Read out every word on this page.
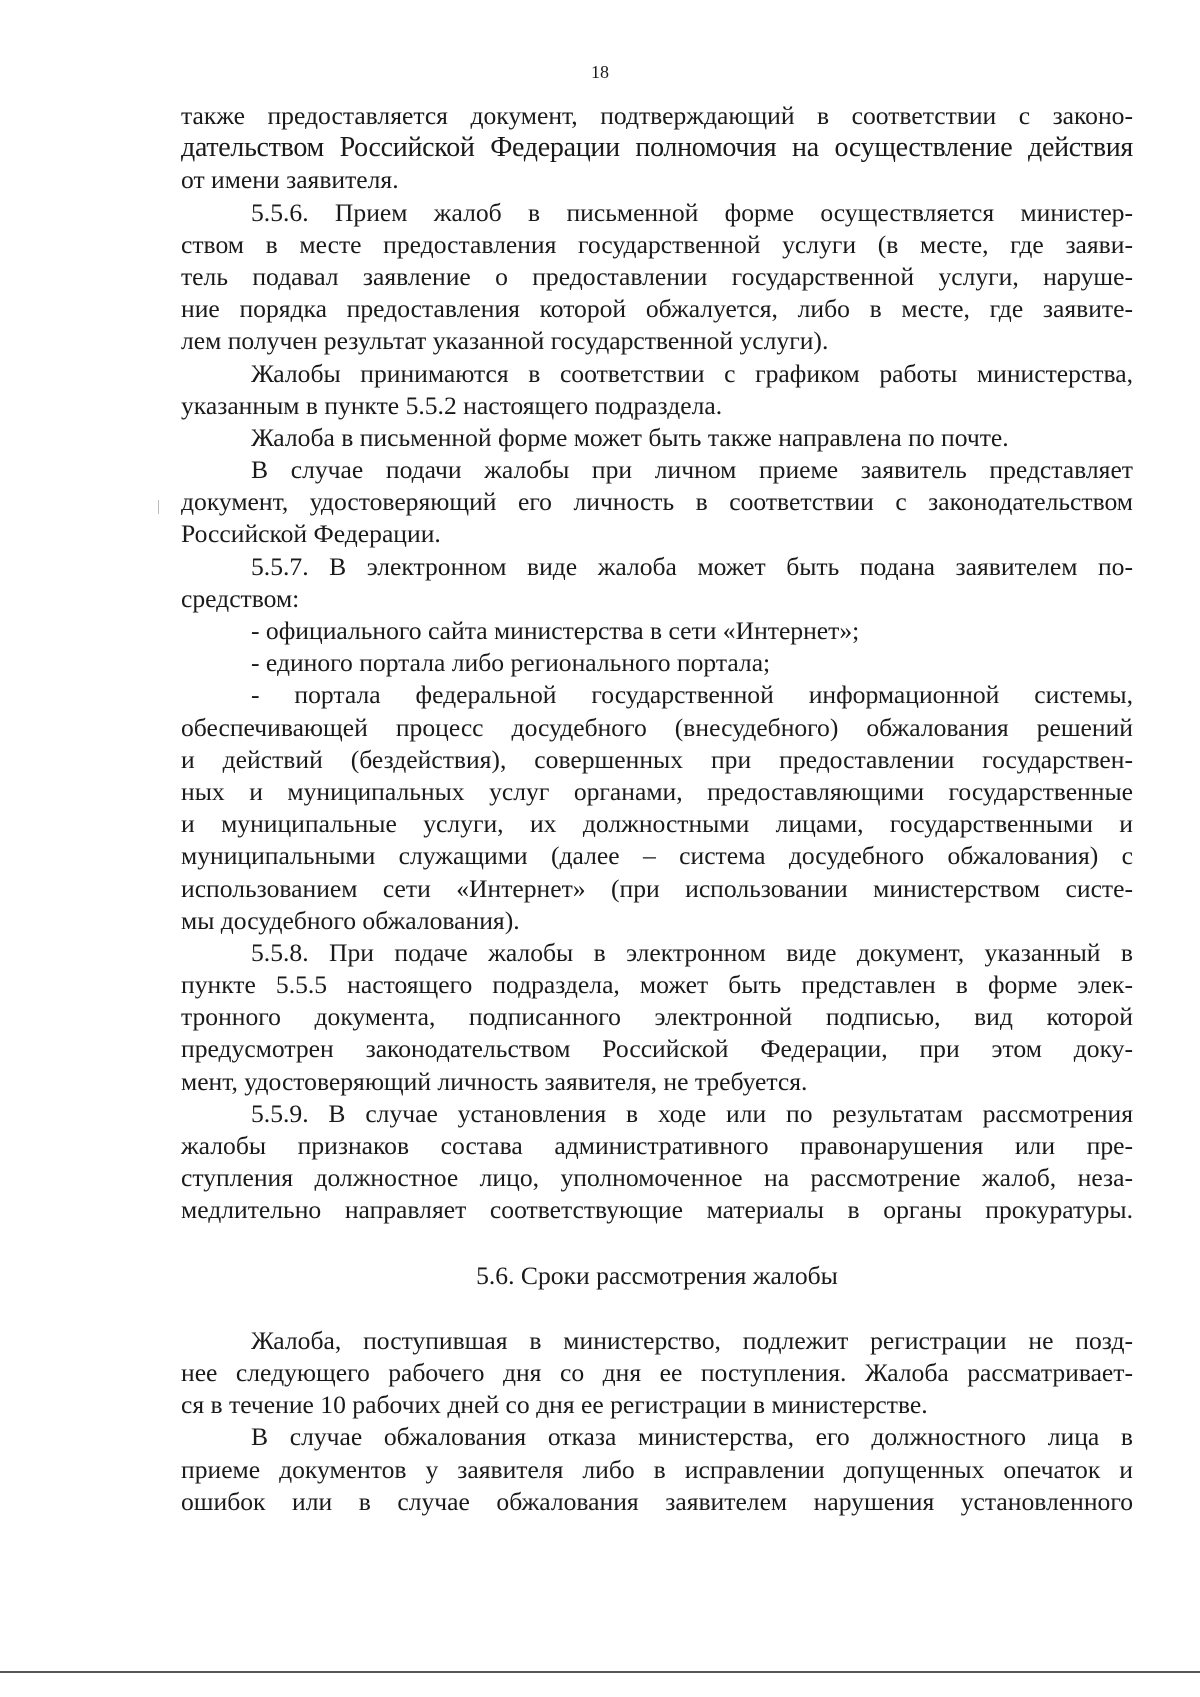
18
также предоставляется документ, подтверждающий в соответствии с законо-
дательством Российской Федерации полномочия на осуществление действия
от имени заявителя.
5.5.6. Прием жалоб в письменной форме осуществляется министер-
ством в месте предоставления государственной услуги (в месте, где заяви-
тель подавал заявление о предоставлении государственной услуги, наруше-
ние порядка предоставления которой обжалуется, либо в месте, где заявите-
лем получен результат указанной государственной услуги).
Жалобы принимаются в соответствии с графиком работы министерства,
указанным в пункте 5.5.2 настоящего подраздела.
Жалоба в письменной форме может быть также направлена по почте.
В случае подачи жалобы при личном приеме заявитель представляет
документ, удостоверяющий его личность в соответствии с законодательством
Российской Федерации.
5.5.7. В электронном виде жалоба может быть подана заявителем по-
средством:
- официального сайта министерства в сети «Интернет»;
- единого портала либо регионального портала;
- портала федеральной государственной информационной системы,
обеспечивающей процесс досудебного (внесудебного) обжалования решений
и действий (бездействия), совершенных при предоставлении государствен-
ных и муниципальных услуг органами, предоставляющими государственные
и муниципальные услуги, их должностными лицами, государственными и
муниципальными служащими (далее – система досудебного обжалования) с
использованием сети «Интернет» (при использовании министерством систе-
мы досудебного обжалования).
5.5.8. При подаче жалобы в электронном виде документ, указанный в
пункте 5.5.5 настоящего подраздела, может быть представлен в форме элек-
тронного документа, подписанного электронной подписью, вид которой
предусмотрен законодательством Российской Федерации, при этом доку-
мент, удостоверяющий личность заявителя, не требуется.
5.5.9. В случае установления в ходе или по результатам рассмотрения
жалобы признаков состава административного правонарушения или пре-
ступления должностное лицо, уполномоченное на рассмотрение жалоб, неза-
медлительно направляет соответствующие материалы в органы прокуратуры.
5.6. Сроки рассмотрения жалобы
Жалоба, поступившая в министерство, подлежит регистрации не позд-
нее следующего рабочего дня со дня ее поступления. Жалоба рассматривает-
ся в течение 10 рабочих дней со дня ее регистрации в министерстве.
В случае обжалования отказа министерства, его должностного лица в
приеме документов у заявителя либо в исправлении допущенных опечаток и
ошибок или в случае обжалования заявителем нарушения установленного
